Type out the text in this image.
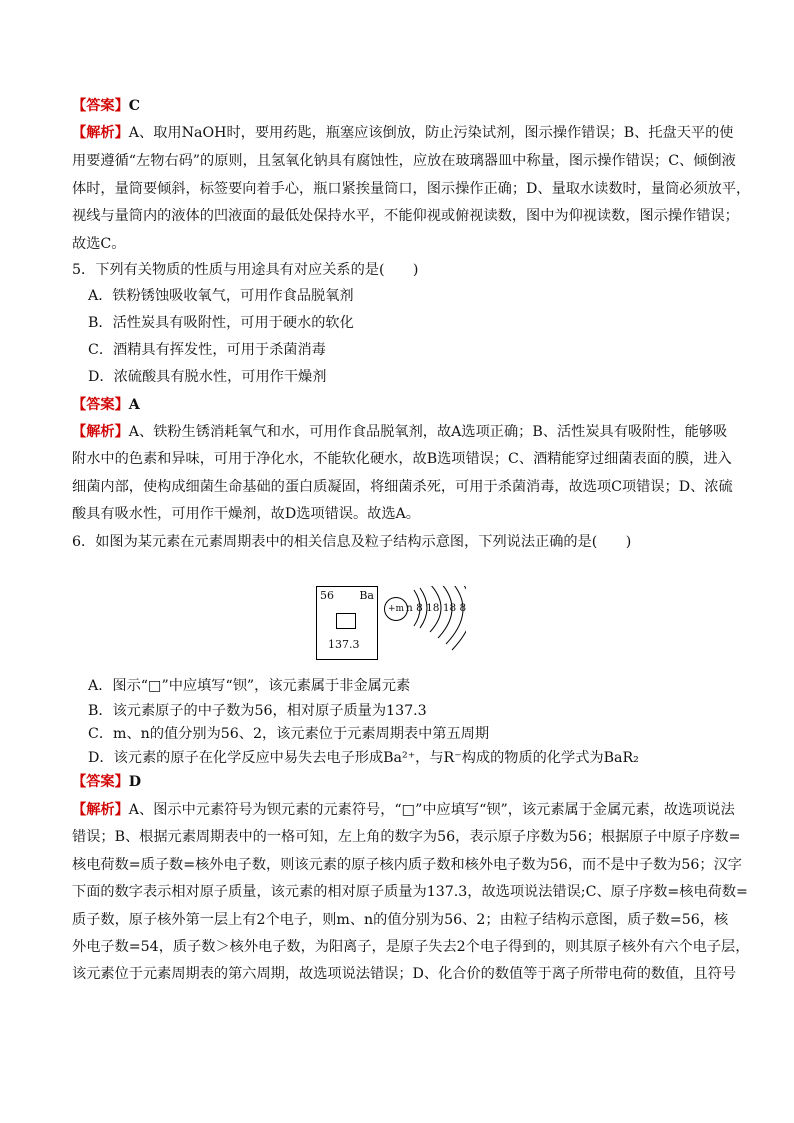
【答案】C
【解析】A、取用NaOH时，要用药匙，瓶塞应该倒放，防止污染试剂，图示操作错误；B、托盘天平的使
用要遵循“左物右码”的原则，且氢氧化钠具有腐蚀性，应放在玻璃器皿中称量，图示操作错误；C、倾倒液
体时，量筒要倾斜，标签要向着手心，瓶口紧挨量筒口，图示操作正确；D、量取水读数时，量筒必须放平，
视线与量筒内的液体的凹液面的最低处保持水平，不能仰视或俯视读数，图中为仰视读数，图示操作错误；
故选C。
5．下列有关物质的性质与用途具有对应关系的是(　　)
A．铁粉锈蚀吸收氧气，可用作食品脱氧剂
B．活性炭具有吸附性，可用于硬水的软化
C．酒精具有挥发性，可用于杀菌消毒
D．浓硫酸具有脱水性，可用作干燥剂
【答案】A
【解析】A、铁粉生锈消耗氧气和水，可用作食品脱氧剂，故A选项正确；B、活性炭具有吸附性，能够吸
附水中的色素和异味，可用于净化水，不能软化硬水，故B选项错误；C、酒精能穿过细菌表面的膜，进入
细菌内部，使构成细菌生命基础的蛋白质凝固，将细菌杀死，可用于杀菌消毒，故选项C项错误；D、浓硫
酸具有吸水性，可用作干燥剂，故D选项错误。故选A。
6．如图为某元素在元素周期表中的相关信息及粒子结构示意图，下列说法正确的是(　　)
56 Ba
137.3
+m n 8 18 18 8
A．图示“□”中应填写“钡”，该元素属于非金属元素
B．该元素原子的中子数为56，相对原子质量为137.3
C．m、n的值分别为56、2，该元素位于元素周期表中第五周期
D．该元素的原子在化学反应中易失去电子形成Ba²⁺，与R⁻构成的物质的化学式为BaR₂
【答案】D
【解析】A、图示中元素符号为钡元素的元素符号，“□”中应填写“钡”，该元素属于金属元素，故选项说法
错误；B、根据元素周期表中的一格可知，左上角的数字为56，表示原子序数为56；根据原子中原子序数=
核电荷数=质子数=核外电子数，则该元素的原子核内质子数和核外电子数为56，而不是中子数为56；汉字
下面的数字表示相对原子质量，该元素的相对原子质量为137.3，故选项说法错误;C、原子序数=核电荷数=
质子数，原子核外第一层上有2个电子，则m、n的值分别为56、2；由粒子结构示意图，质子数=56，核
外电子数=54，质子数＞核外电子数，为阳离子，是原子失去2个电子得到的，则其原子核外有六个电子层，
该元素位于元素周期表的第六周期，故选项说法错误；D、化合价的数值等于离子所带电荷的数值，且符号
